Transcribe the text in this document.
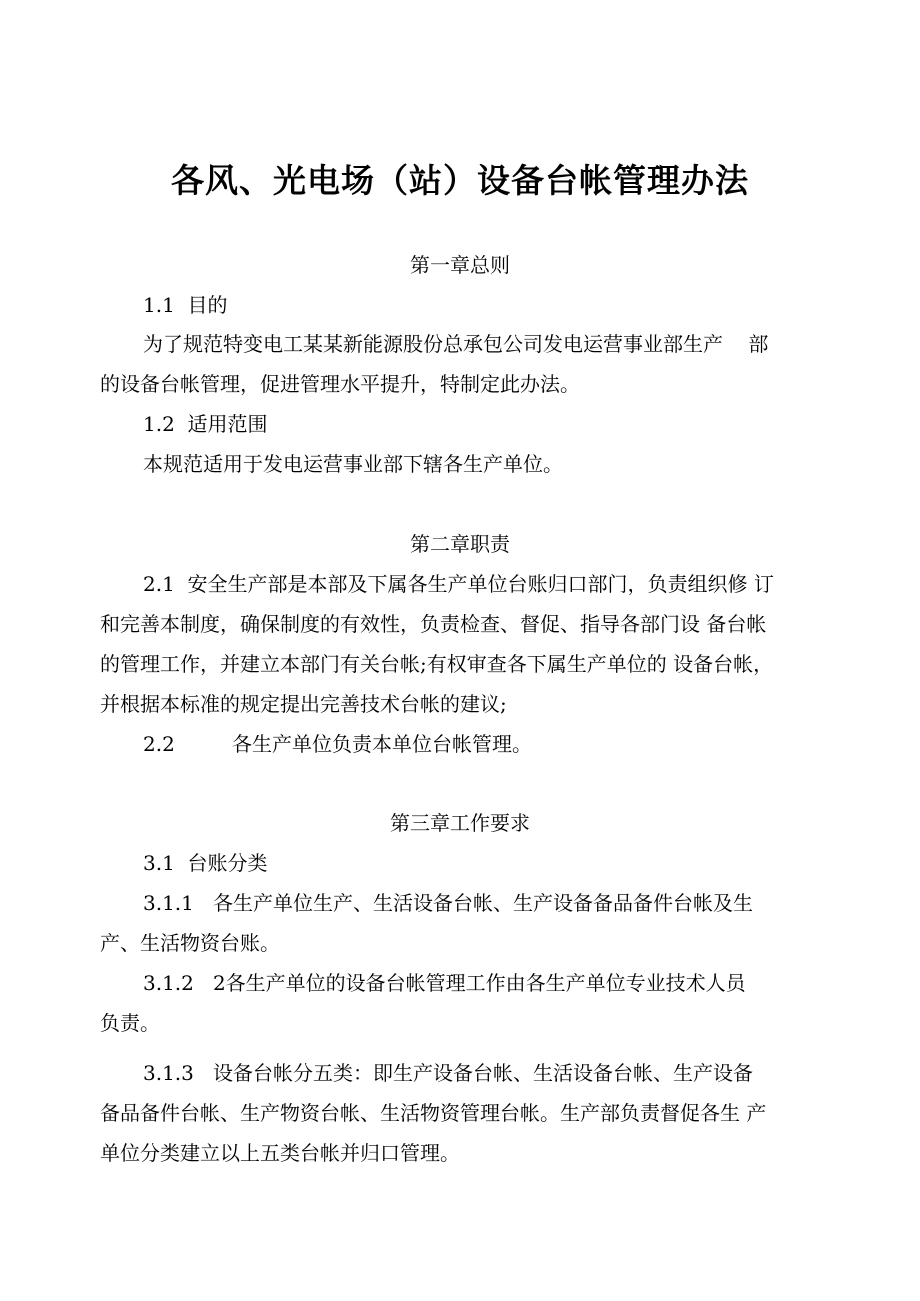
各风、光电场（站）设备台帐管理办法
第一章总则
1.1  目的
为了规范特变电工某某新能源股份总承包公司发电运营事业部生产    部
的设备台帐管理，促进管理水平提升，特制定此办法。
1.2  适用范围
本规范适用于发电运营事业部下辖各生产单位。
第二章职责
2.1  安全生产部是本部及下属各生产单位台账归口部门，负责组织修 订
和完善本制度，确保制度的有效性，负责检查、督促、指导各部门设 备台帐
的管理工作，并建立本部门有关台帐;有权审查各下属生产单位的 设备台帐，
并根据本标准的规定提出完善技术台帐的建议;
2.2         各生产单位负责本单位台帐管理。
第三章工作要求
3.1  台账分类
3.1.1   各生产单位生产、生活设备台帐、生产设备备品备件台帐及生
产、生活物资台账。
3.1.2   2各生产单位的设备台帐管理工作由各生产单位专业技术人员
负责。
3.1.3   设备台帐分五类：即生产设备台帐、生活设备台帐、生产设备
备品备件台帐、生产物资台帐、生活物资管理台帐。生产部负责督促各生 产
单位分类建立以上五类台帐并归口管理。
